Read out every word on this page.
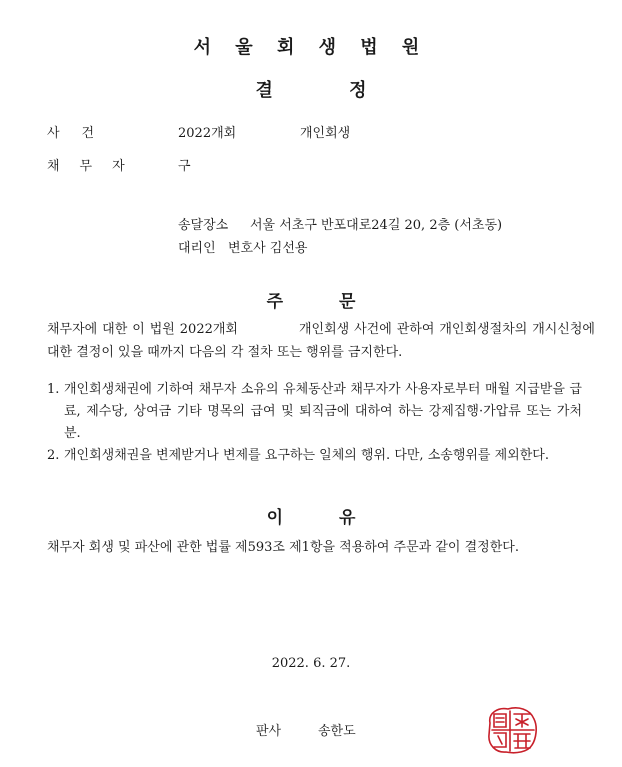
서 울 회 생 법 원
결 정
사건	2022개회	개인회생
채무자	구
송달장소 서울 서초구 반포대로24길 20, 2층 (서초동)
대리인 변호사 김선용
주 문
채무자에 대한 이 법원 2022개회　　　　 개인회생 사건에 관하여 개인회생절차의 개시신청에 대한 결정이 있을 때까지 다음의 각 절차 또는 행위를 금지한다.
1. 개인회생채권에 기하여 채무자 소유의 유체동산과 채무자가 사용자로부터 매월 지급받을 급료, 제수당, 상여금 기타 명목의 급여 및 퇴직금에 대하여 하는 강제집행·가압류 또는 가처분.
2. 개인회생채권을 변제받거나 변제를 요구하는 일체의 행위. 다만, 소송행위를 제외한다.
이 유
채무자 회생 및 파산에 관한 법률 제593조 제1항을 적용하여 주문과 같이 결정한다.
2022. 6. 27.
판사	송한도
